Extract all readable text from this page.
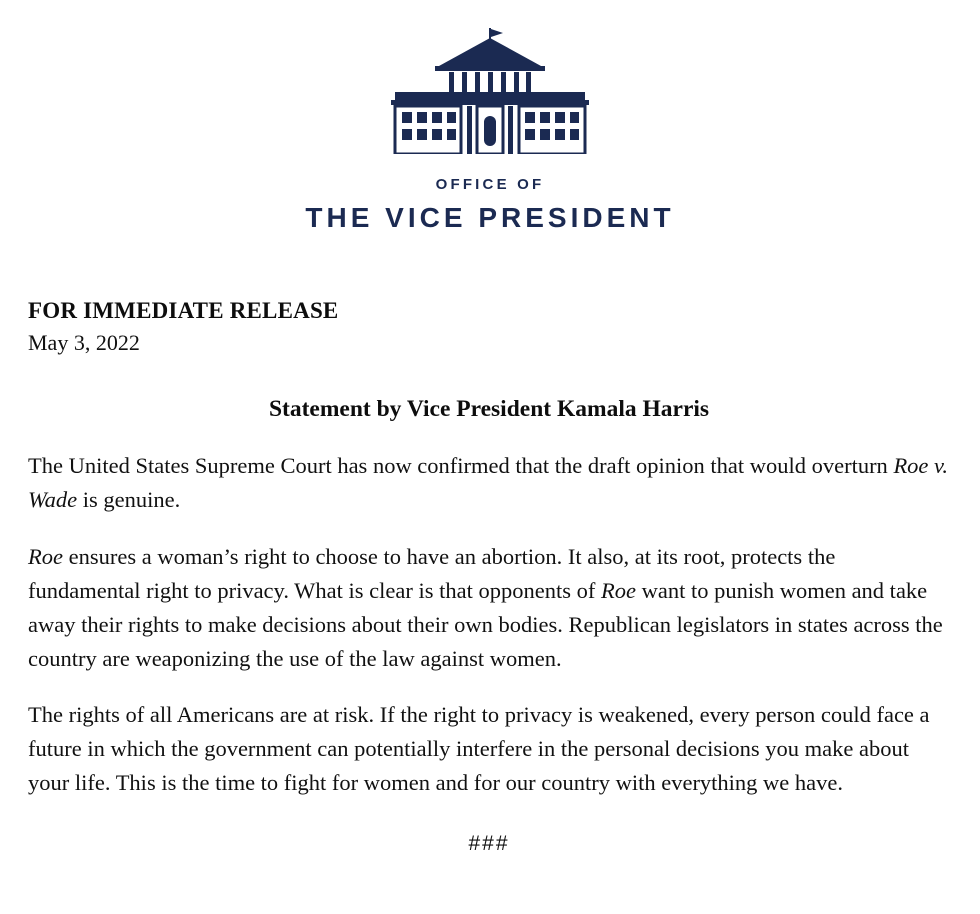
OFFICE OF
THE VICE PRESIDENT
FOR IMMEDIATE RELEASE
May 3, 2022
Statement by Vice President Kamala Harris

The United States Supreme Court has now confirmed that the draft opinion that would overturn Roe v. Wade is genuine.

Roe ensures a woman’s right to choose to have an abortion. It also, at its root, protects the fundamental right to privacy. What is clear is that opponents of Roe want to punish women and take away their rights to make decisions about their own bodies. Republican legislators in states across the country are weaponizing the use of the law against women.

The rights of all Americans are at risk. If the right to privacy is weakened, every person could face a future in which the government can potentially interfere in the personal decisions you make about your life. This is the time to fight for women and for our country with everything we have.

###
